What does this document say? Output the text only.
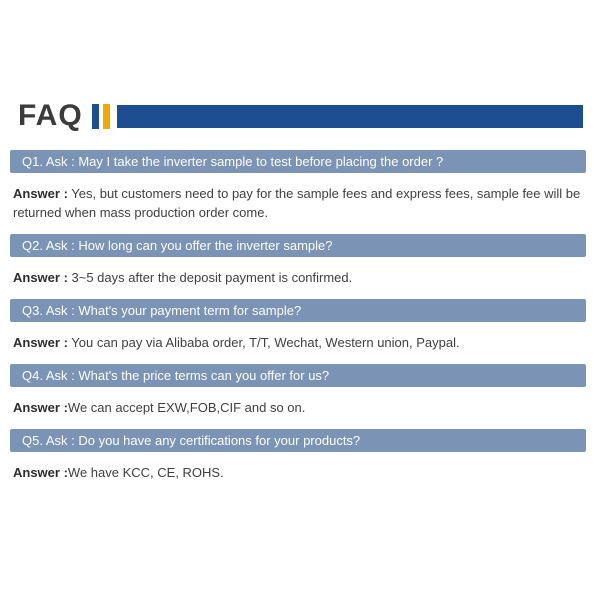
FAQ
Q1. Ask : May I take the inverter sample to test before placing the order ?

Answer : Yes, but customers need to pay for the sample fees and express fees, sample fee will be returned when mass production order come.

Q2. Ask : How long can you offer the inverter sample?

Answer : 3~5 days after the deposit payment is confirmed.

Q3. Ask : What's your payment term for sample?

Answer : You can pay via Alibaba order, T/T, Wechat, Western union, Paypal.

Q4. Ask : What's the price terms can you offer for us?

Answer :We can accept EXW,FOB,CIF and so on.

Q5. Ask : Do you have any certifications for your products?

Answer :We have KCC, CE, ROHS.
